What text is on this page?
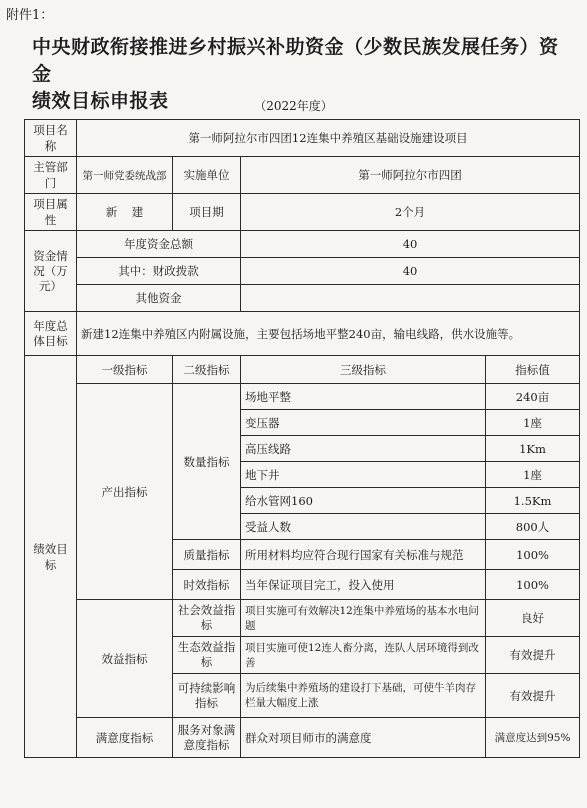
附件1：
中央财政衔接推进乡村振兴补助资金（少数民族发展任务）资金
绩效目标申报表	（2022年度）
项目名称	第一师阿拉尔市四团12连集中养殖区基础设施建设项目			
主管部门	第一师党委统战部	实施单位	第一师阿拉尔市四团	
项目属性	新    建	项目期	2个月	
资金情况（万元）	年度资金总额		40	
	其中：财政拨款		40	
	其他资金			
年度总体目标	新建12连集中养殖区内附属设施，主要包括场地平整240亩，输电线路，供水设施等。			
绩效目标	一级指标	二级指标	三级指标	指标值
	产出指标	数量指标	场地平整	240亩
			变压器	1座
			高压线路	1Km
			地下井	1座
			给水管网160	1.5Km
			受益人数	800人
		质量指标	所用材料均应符合现行国家有关标准与规范	100%
		时效指标	当年保证项目完工，投入使用	100%
	效益指标	社会效益指标	项目实施可有效解决12连集中养殖场的基本水电问题	良好
		生态效益指标	项目实施可使12连人畜分离，连队人居环境得到改善	有效提升
		可持续影响指标	为后续集中养殖场的建设打下基础，可使牛羊肉存栏量大幅度上涨	有效提升
	满意度指标	服务对象满意度指标	群众对项目师市的满意度	满意度达到95%
